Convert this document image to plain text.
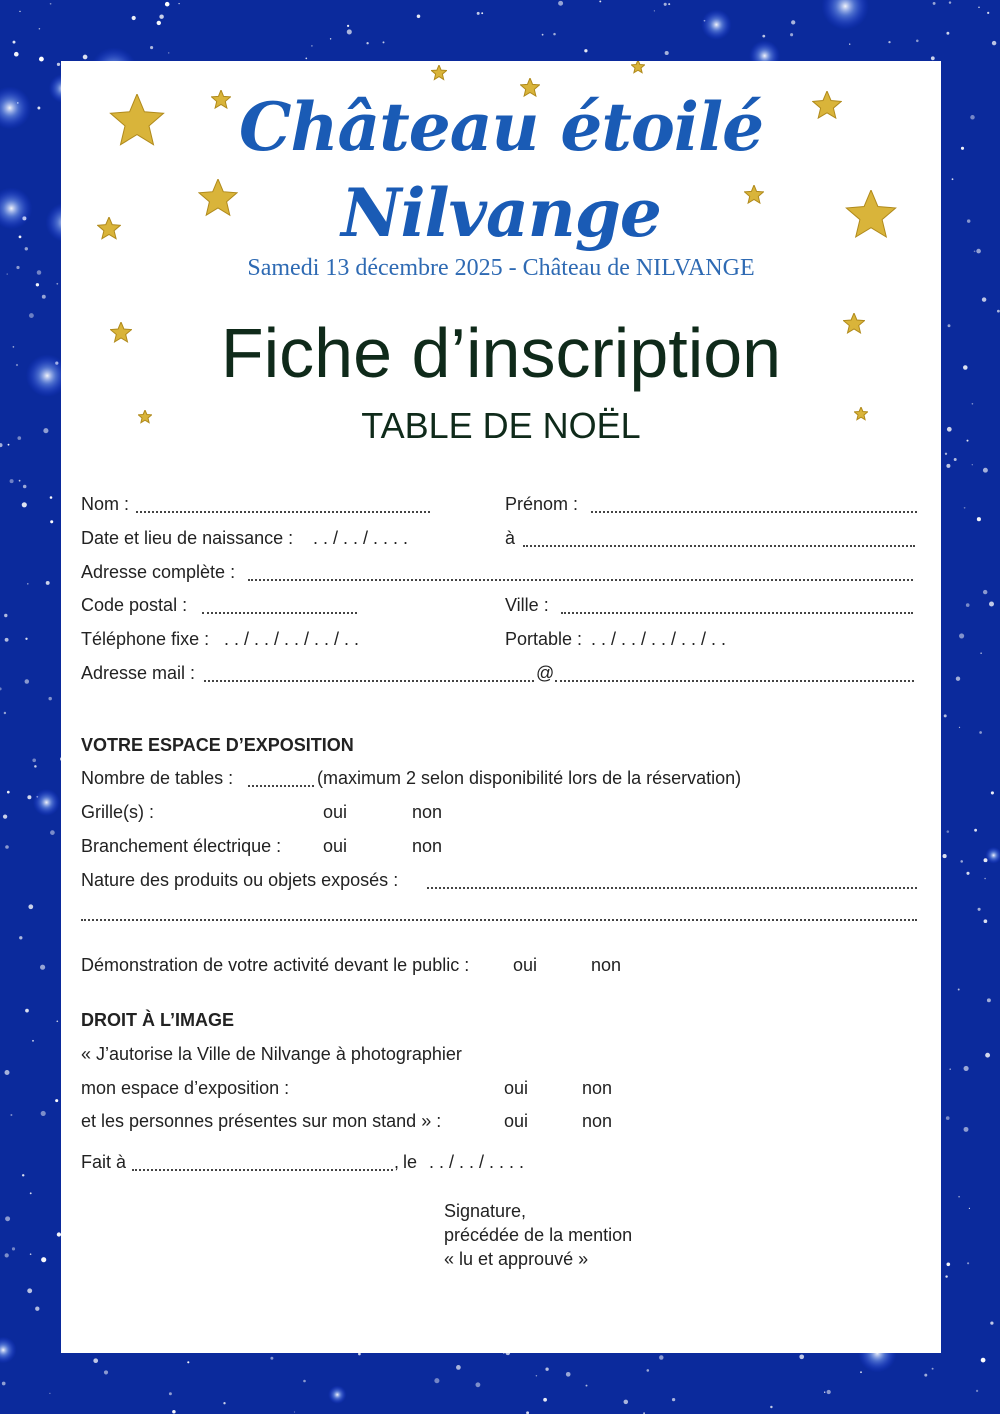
Château étoilé
Nilvange
Samedi 13 décembre 2025 - Château de NILVANGE
Fiche d’inscription
TABLE DE NOËL
Nom :	Prénom :
Date et lieu de naissance : . . / . . / . . . .	à
Adresse complète :
Code postal :	Ville :
Téléphone fixe : . . / . . / . . / . . / . .	Portable : . . / . . / . . / . . / . .
Adresse mail :	@
VOTRE ESPACE D’EXPOSITION
Nombre de tables :	(maximum 2 selon disponibilité lors de la réservation)
Grille(s) :	oui	non
Branchement électrique : oui	non
Nature des produits ou objets exposés :
Démonstration de votre activité devant le public : oui	non
DROIT À L’IMAGE
« J’autorise la Ville de Nilvange à photographier
mon espace d’exposition :	oui	non
et les personnes présentes sur mon stand » :	oui	non
Fait à	, le . . / . . / . . . .
Signature,
précédée de la mention
« lu et approuvé »
